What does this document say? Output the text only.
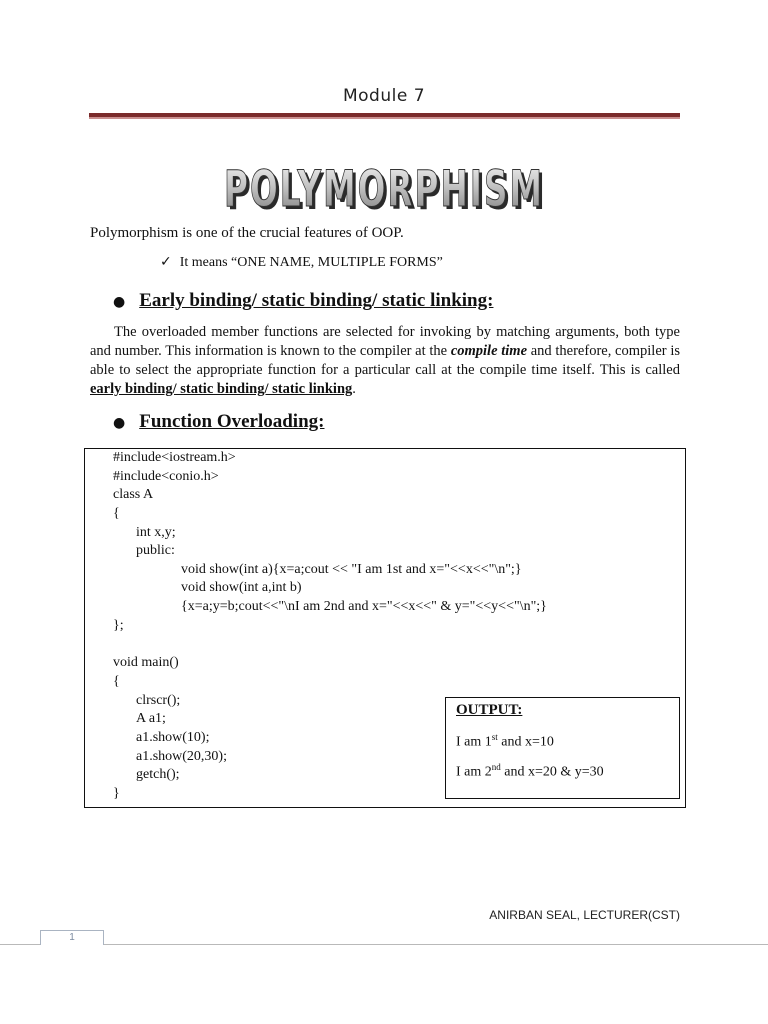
Module 7
POLYMORPHISM
POLYMORPHISM
Polymorphism is one of the crucial features of OOP.
✓ It means “ONE NAME, MULTIPLE FORMS”
● Early binding/ static binding/ static linking:
The overloaded member functions are selected for invoking by matching arguments, both type and number. This information is known to the compiler at the compile time and therefore, compiler is able to select the appropriate function for a particular call at the compile time itself. This is called early binding/ static binding/ static linking.
● Function Overloading:
#include<iostream.h>
#include<conio.h>
class A
{
int x,y;
public:
void show(int a){x=a;cout << "I am 1st and x="<<x<<"\n";}
void show(int a,int b)
{x=a;y=b;cout<<"\nI am 2nd and x="<<x<<" & y="<<y<<"\n";}
};
void main()
{
clrscr();
A a1;
a1.show(10);
a1.show(20,30);
getch();
}
OUTPUT:
I am 1st and x=10
I am 2nd and x=20 & y=30
ANIRBAN SEAL, LECTURER(CST)
1
